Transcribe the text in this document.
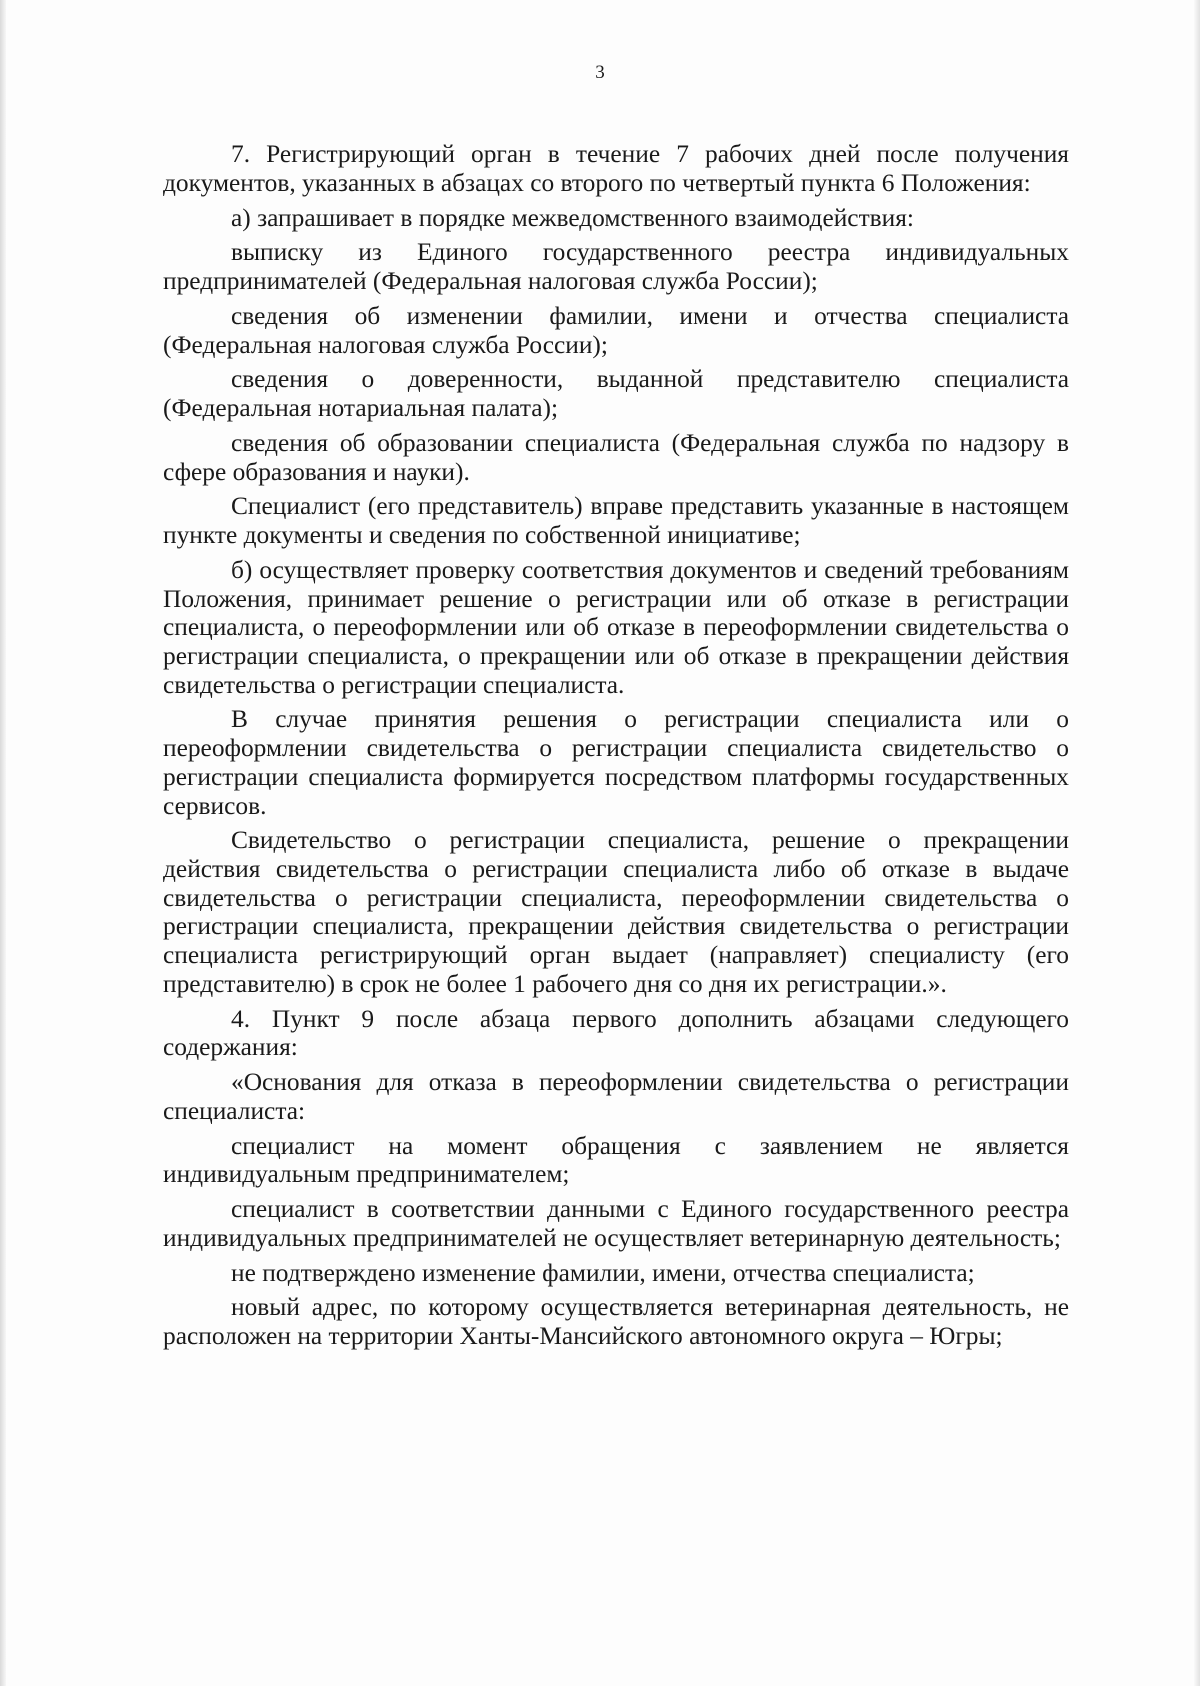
3

7. Регистрирующий орган в течение 7 рабочих дней после получения документов, указанных в абзацах со второго по четвертый пункта 6 Положения:

а) запрашивает в порядке межведомственного взаимодействия:

выписку из Единого государственного реестра индивидуальных предпринимателей (Федеральная налоговая служба России);

сведения об изменении фамилии, имени и отчества специалиста (Федеральная налоговая служба России);

сведения о доверенности, выданной представителю специалиста (Федеральная нотариальная палата);

сведения об образовании специалиста (Федеральная служба по надзору в сфере образования и науки).

Специалист (его представитель) вправе представить указанные в настоящем пункте документы и сведения по собственной инициативе;

б) осуществляет проверку соответствия документов и сведений требованиям Положения, принимает решение о регистрации или об отказе в регистрации специалиста, о переоформлении или об отказе в переоформлении свидетельства о регистрации специалиста, о прекращении или об отказе в прекращении действия свидетельства о регистрации специалиста.

В случае принятия решения о регистрации специалиста или о переоформлении свидетельства о регистрации специалиста свидетельство о регистрации специалиста формируется посредством платформы государственных сервисов.

Свидетельство о регистрации специалиста, решение о прекращении действия свидетельства о регистрации специалиста либо об отказе в выдаче свидетельства о регистрации специалиста, переоформлении свидетельства о регистрации специалиста, прекращении действия свидетельства о регистрации специалиста регистрирующий орган выдает (направляет) специалисту (его представителю) в срок не более 1 рабочего дня со дня их регистрации.».

4. Пункт 9 после абзаца первого дополнить абзацами следующего содержания:

«Основания для отказа в переоформлении свидетельства о регистрации специалиста:

специалист на момент обращения с заявлением не является индивидуальным предпринимателем;

специалист в соответствии данными с Единого государственного реестра индивидуальных предпринимателей не осуществляет ветеринарную деятельность;

не подтверждено изменение фамилии, имени, отчества специалиста;

новый адрес, по которому осуществляется ветеринарная деятельность, не расположен на территории Ханты-Мансийского автономного округа – Югры;
